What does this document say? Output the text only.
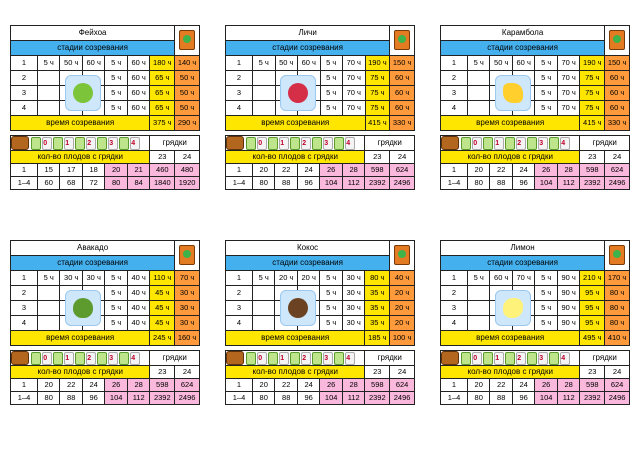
Фейхоа							
стадии созревания							
1	5 ч	50 ч	60 ч	5 ч	60 ч	180 ч	140 ч
2				5 ч	60 ч	65 ч	50 ч
3				5 ч	60 ч	65 ч	50 ч
4				5 ч	60 ч	65 ч	50 ч
время созревания						375 ч	290 ч

0 1 2 3 4						грядки	
кол-во плодов с грядки						23	24
1	15	17	18	20	21	460	480
1–4	60	68	72	80	84	1840	1920
Личи							
стадии созревания							
1	5 ч	50 ч	60 ч	5 ч	70 ч	190 ч	150 ч
2				5 ч	70 ч	75 ч	60 ч
3				5 ч	70 ч	75 ч	60 ч
4				5 ч	70 ч	75 ч	60 ч
время созревания						415 ч	330 ч

0 1 2 3 4						грядки	
кол-во плодов с грядки						23	24
1	20	22	24	26	28	598	624
1–4	80	88	96	104	112	2392	2496
Карамбола							
стадии созревания							
1	5 ч	50 ч	60 ч	5 ч	70 ч	190 ч	150 ч
2				5 ч	70 ч	75 ч	60 ч
3				5 ч	70 ч	75 ч	60 ч
4				5 ч	70 ч	75 ч	60 ч
время созревания						415 ч	330 ч

0 1 2 3 4						грядки	
кол-во плодов с грядки						23	24
1	20	22	24	26	28	598	624
1–4	80	88	96	104	112	2392	2496
Авакадо							
стадии созревания							
1	5 ч	30 ч	30 ч	5 ч	40 ч	110 ч	70 ч
2				5 ч	40 ч	45 ч	30 ч
3				5 ч	40 ч	45 ч	30 ч
4				5 ч	40 ч	45 ч	30 ч
время созревания						245 ч	160 ч

0 1 2 3 4						грядки	
кол-во плодов с грядки						23	24
1	20	22	24	26	28	598	624
1–4	80	88	96	104	112	2392	2496
Кокос							
стадии созревания							
1	5 ч	20 ч	20 ч	5 ч	30 ч	80 ч	40 ч
2				5 ч	30 ч	35 ч	20 ч
3				5 ч	30 ч	35 ч	20 ч
4				5 ч	30 ч	35 ч	20 ч
время созревания						185 ч	100 ч

0 1 2 3 4						грядки	
кол-во плодов с грядки						23	24
1	20	22	24	26	28	598	624
1–4	80	88	96	104	112	2392	2496
Лимон							
стадии созревания							
1	5 ч	60 ч	70 ч	5 ч	90 ч	210 ч	170 ч
2				5 ч	90 ч	95 ч	80 ч
3				5 ч	90 ч	95 ч	80 ч
4				5 ч	90 ч	95 ч	80 ч
время созревания						495 ч	410 ч

0 1 2 3 4						грядки	
кол-во плодов с грядки						23	24
1	20	22	24	26	28	598	624
1–4	80	88	96	104	112	2392	2496
